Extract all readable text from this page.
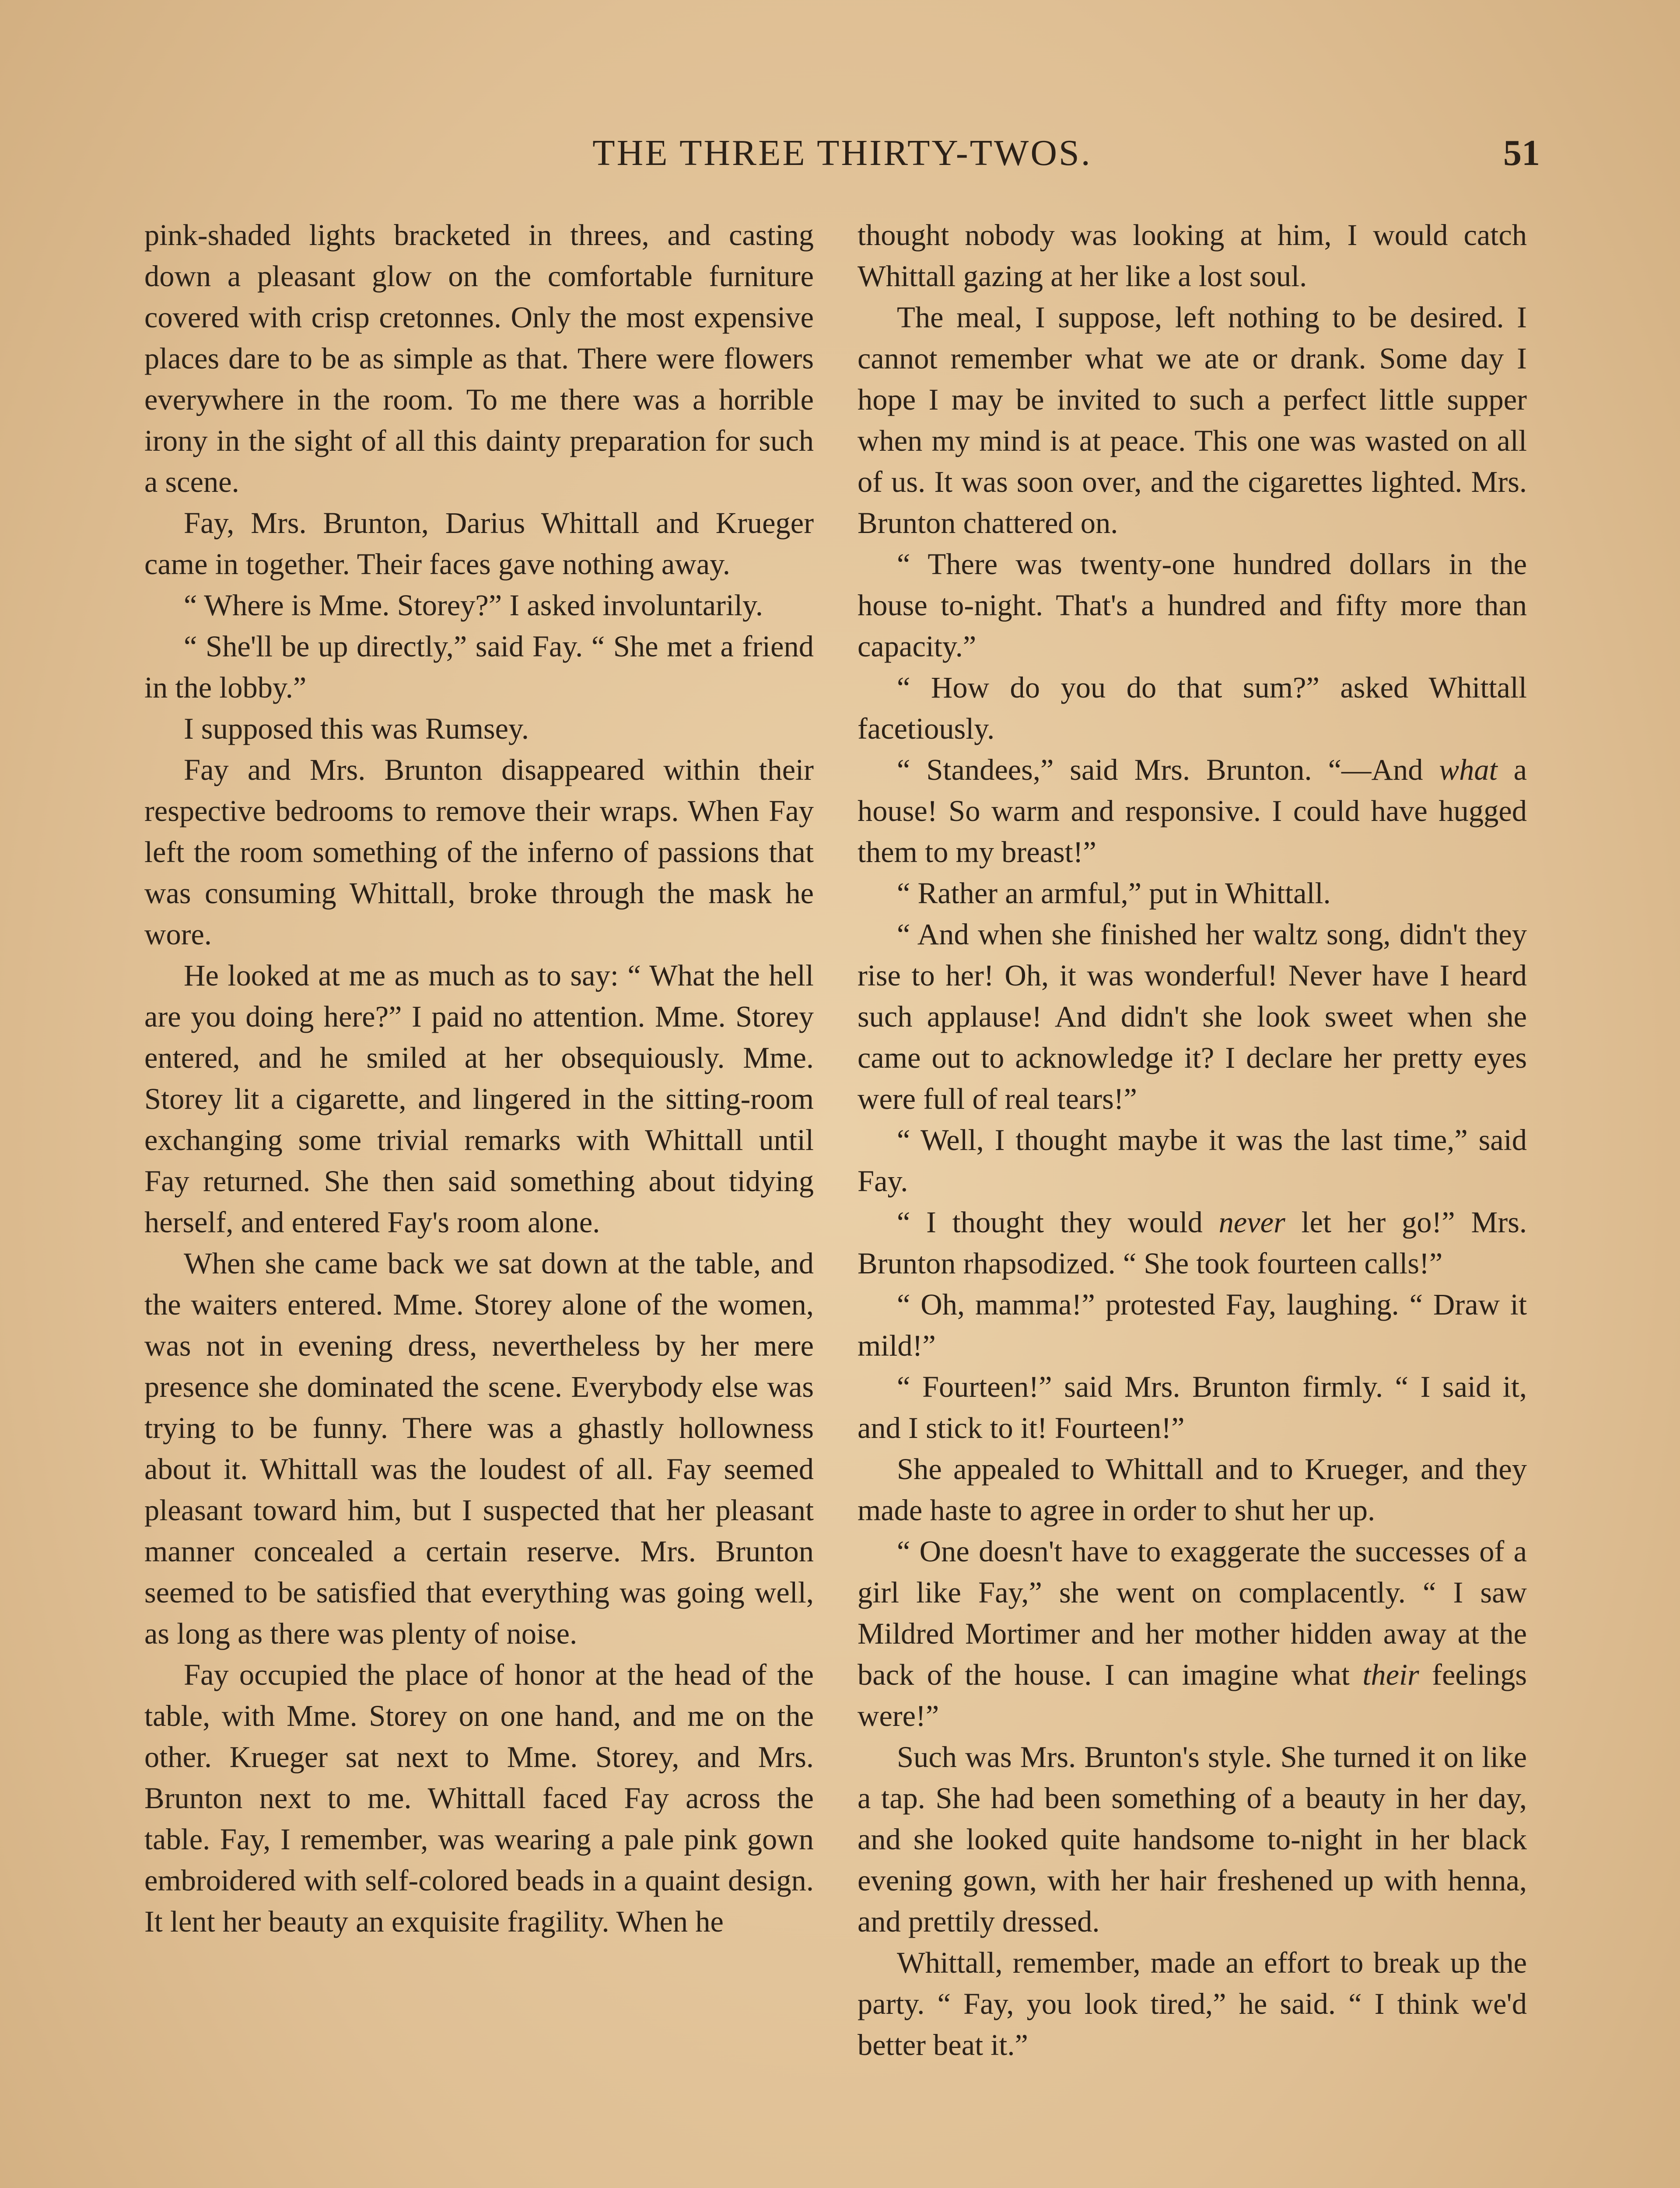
THE THREE THIRTY-TWOS.	51

pink-shaded lights bracketed in threes, and casting down a pleasant glow on the comfortable furniture covered with crisp cretonnes. Only the most expensive places dare to be as simple as that. There were flowers everywhere in the room. To me there was a horrible irony in the sight of all this dainty preparation for such a scene.

Fay, Mrs. Brunton, Darius Whittall and Krueger came in together. Their faces gave nothing away.

“ Where is Mme. Storey?” I asked involuntarily.

“ She'll be up directly,” said Fay. “ She met a friend in the lobby.”

I supposed this was Rumsey.

Fay and Mrs. Brunton disappeared within their respective bedrooms to remove their wraps. When Fay left the room something of the inferno of passions that was consuming Whittall, broke through the mask he wore.

He looked at me as much as to say: “ What the hell are you doing here?” I paid no attention. Mme. Storey entered, and he smiled at her obsequiously. Mme. Storey lit a cigarette, and lingered in the sitting-room exchanging some trivial remarks with Whittall until Fay returned. She then said something about tidying herself, and entered Fay's room alone.

When she came back we sat down at the table, and the waiters entered. Mme. Storey alone of the women, was not in evening dress, nevertheless by her mere presence she dominated the scene. Everybody else was trying to be funny. There was a ghastly hollowness about it. Whittall was the loudest of all. Fay seemed pleasant toward him, but I suspected that her pleasant manner concealed a certain reserve. Mrs. Brunton seemed to be satisfied that everything was going well, as long as there was plenty of noise.

Fay occupied the place of honor at the head of the table, with Mme. Storey on one hand, and me on the other. Krueger sat next to Mme. Storey, and Mrs. Brunton next to me. Whittall faced Fay across the table. Fay, I remember, was wearing a pale pink gown embroidered with self-colored beads in a quaint design. It lent her beauty an exquisite fragility. When he

thought nobody was looking at him, I would catch Whittall gazing at her like a lost soul.

The meal, I suppose, left nothing to be desired. I cannot remember what we ate or drank. Some day I hope I may be invited to such a perfect little supper when my mind is at peace. This one was wasted on all of us. It was soon over, and the cigarettes lighted. Mrs. Brunton chattered on.

“ There was twenty-one hundred dollars in the house to-night. That's a hundred and fifty more than capacity.”

“ How do you do that sum?” asked Whittall facetiously.

“ Standees,” said Mrs. Brunton. “—And what a house! So warm and responsive. I could have hugged them to my breast!”

“ Rather an armful,” put in Whittall.

“ And when she finished her waltz song, didn't they rise to her! Oh, it was wonderful! Never have I heard such applause! And didn't she look sweet when she came out to acknowledge it? I declare her pretty eyes were full of real tears!”

“ Well, I thought maybe it was the last time,” said Fay.

“ I thought they would never let her go!” Mrs. Brunton rhapsodized. “ She took fourteen calls!”

“ Oh, mamma!” protested Fay, laughing. “ Draw it mild!”

“ Fourteen!” said Mrs. Brunton firmly. “ I said it, and I stick to it! Fourteen!”

She appealed to Whittall and to Krueger, and they made haste to agree in order to shut her up.

“ One doesn't have to exaggerate the successes of a girl like Fay,” she went on complacently. “ I saw Mildred Mortimer and her mother hidden away at the back of the house. I can imagine what their feelings were!”

Such was Mrs. Brunton's style. She turned it on like a tap. She had been something of a beauty in her day, and she looked quite handsome to-night in her black evening gown, with her hair freshened up with henna, and prettily dressed.

Whittall, remember, made an effort to break up the party. “ Fay, you look tired,” he said. “ I think we'd better beat it.”
